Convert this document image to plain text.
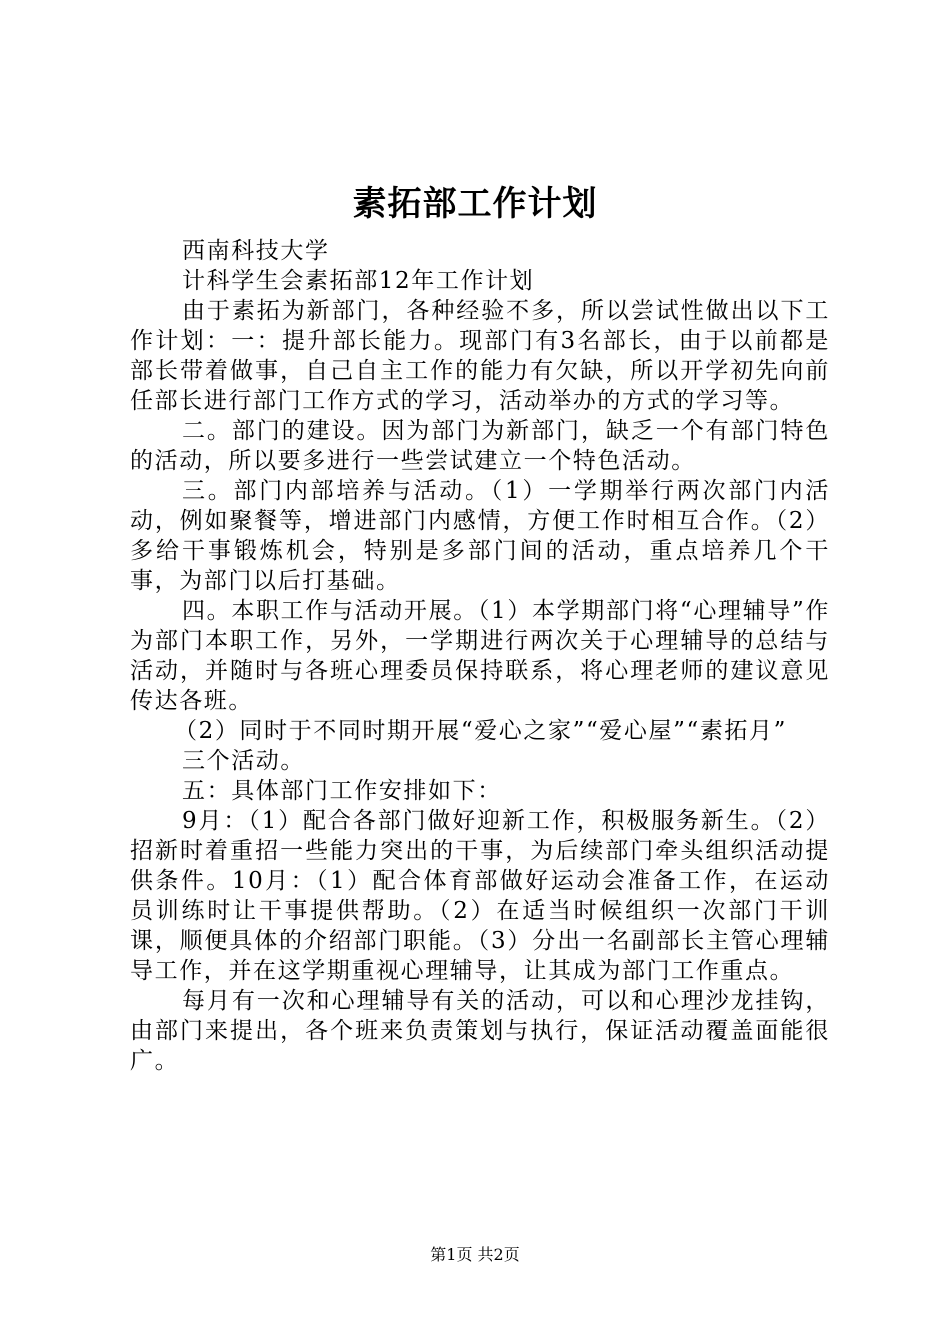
素拓部工作计划

西南科技大学

计科学生会素拓部12年工作计划

由于素拓为新部门，各种经验不多，所以尝试性做出以下工作计划：一：提升部长能力。现部门有3名部长，由于以前都是部长带着做事，自己自主工作的能力有欠缺，所以开学初先向前任部长进行部门工作方式的学习，活动举办的方式的学习等。

二。部门的建设。因为部门为新部门，缺乏一个有部门特色的活动，所以要多进行一些尝试建立一个特色活动。

三。部门内部培养与活动。（1）一学期举行两次部门内活动，例如聚餐等，增进部门内感情，方便工作时相互合作。（2）多给干事锻炼机会，特别是多部门间的活动，重点培养几个干事，为部门以后打基础。

四。本职工作与活动开展。（1）本学期部门将“心理辅导”作为部门本职工作，另外，一学期进行两次关于心理辅导的总结与活动，并随时与各班心理委员保持联系，将心理老师的建议意见传达各班。

（2）同时于不同时期开展“爱心之家”“爱心屋”“素拓月”

三个活动。

五：具体部门工作安排如下：

9月：（1）配合各部门做好迎新工作，积极服务新生。（2）招新时着重招一些能力突出的干事，为后续部门牵头组织活动提供条件。10月：（1）配合体育部做好运动会准备工作，在运动员训练时让干事提供帮助。（2）在适当时候组织一次部门干训课，顺便具体的介绍部门职能。（3）分出一名副部长主管心理辅导工作，并在这学期重视心理辅导，让其成为部门工作重点。

每月有一次和心理辅导有关的活动，可以和心理沙龙挂钩，由部门来提出，各个班来负责策划与执行，保证活动覆盖面能很广。

第1页 共2页
